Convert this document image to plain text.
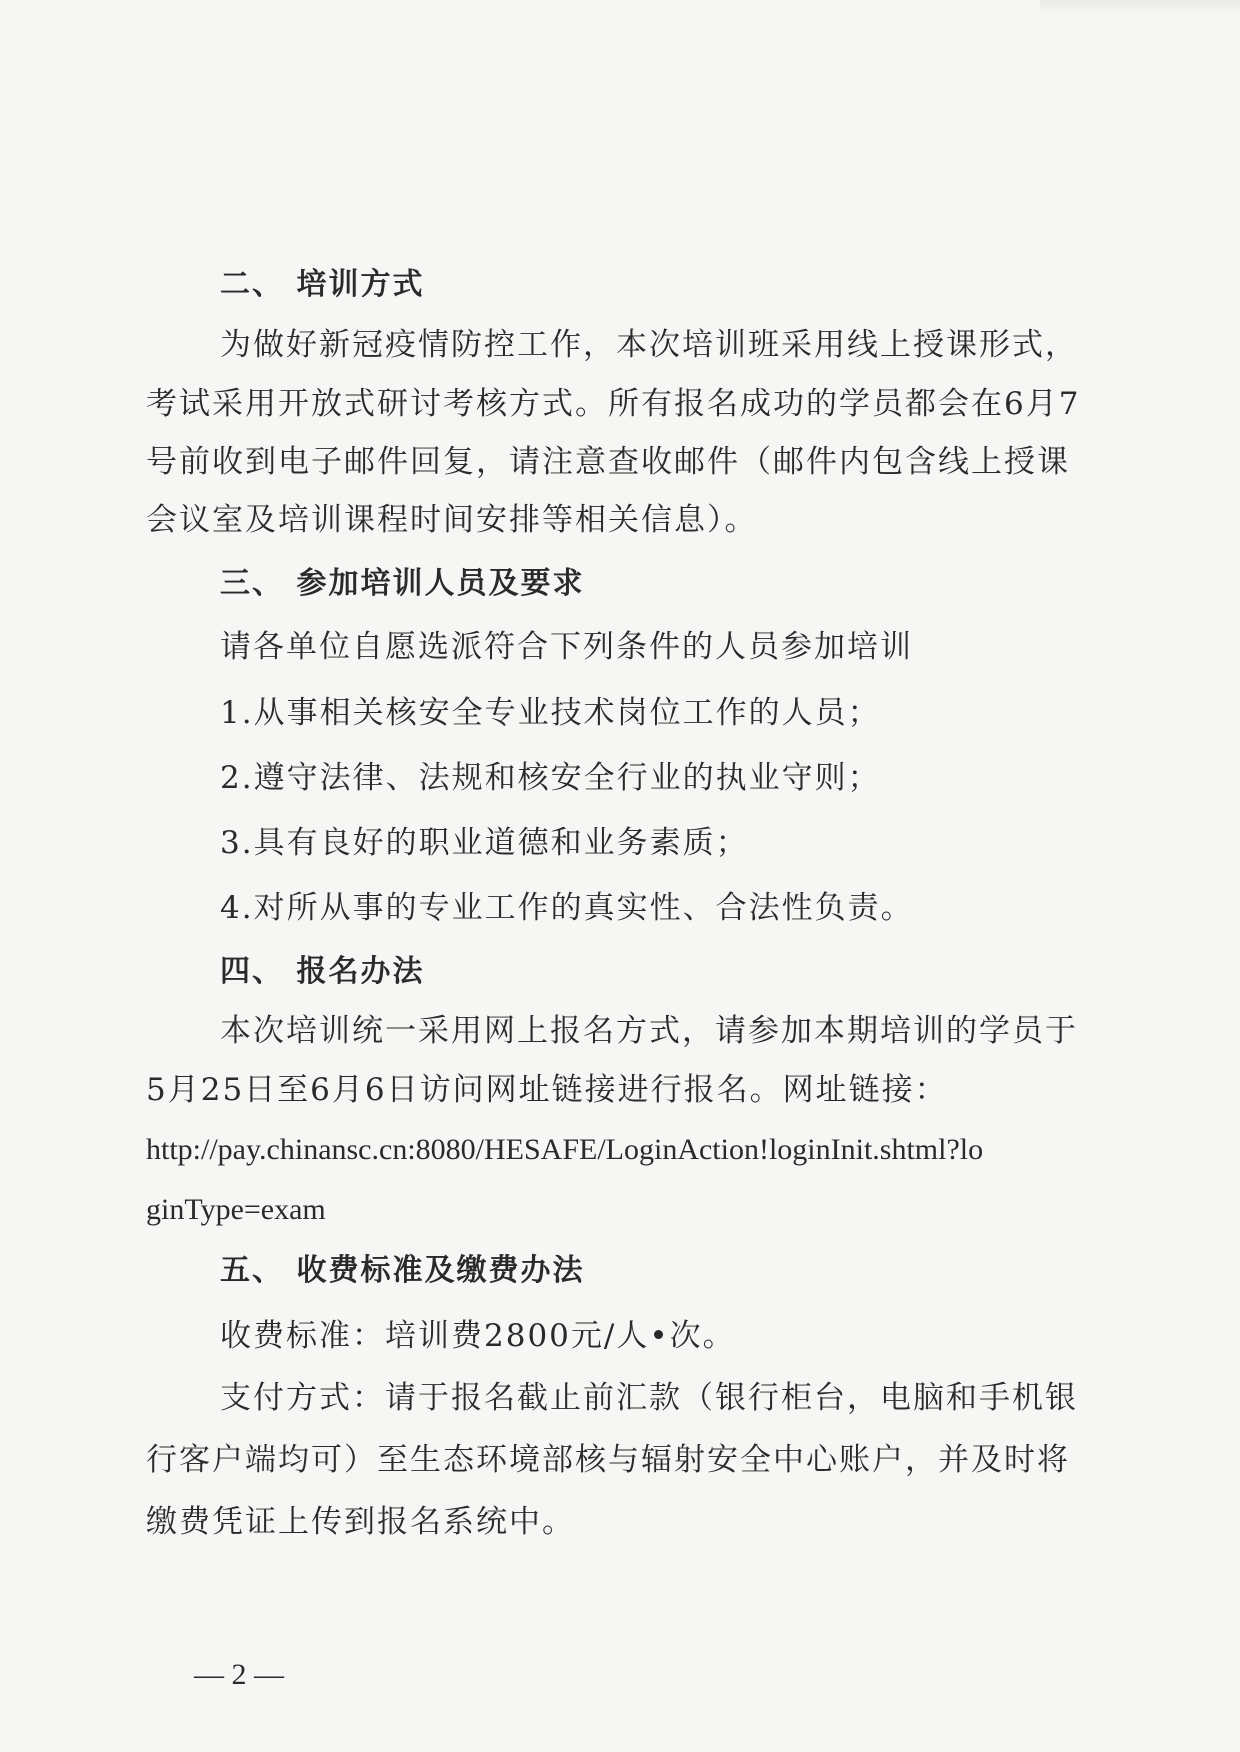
二、 培训方式
为做好新冠疫情防控工作，本次培训班采用线上授课形式，
考试采用开放式研讨考核方式。所有报名成功的学员都会在6月7
号前收到电子邮件回复，请注意查收邮件（邮件内包含线上授课
会议室及培训课程时间安排等相关信息）。
三、 参加培训人员及要求
请各单位自愿选派符合下列条件的人员参加培训
1.从事相关核安全专业技术岗位工作的人员；
2.遵守法律、法规和核安全行业的执业守则；
3.具有良好的职业道德和业务素质；
4.对所从事的专业工作的真实性、合法性负责。
四、 报名办法
本次培训统一采用网上报名方式，请参加本期培训的学员于
5月25日至6月6日访问网址链接进行报名。网址链接：
http://pay.chinansc.cn:8080/HESAFE/LoginAction!loginInit.shtml?lo
ginType=exam
五、 收费标准及缴费办法
收费标准：培训费2800元/人•次。
支付方式：请于报名截止前汇款（银行柜台，电脑和手机银
行客户端均可）至生态环境部核与辐射安全中心账户，并及时将
缴费凭证上传到报名系统中。
— 2 —
